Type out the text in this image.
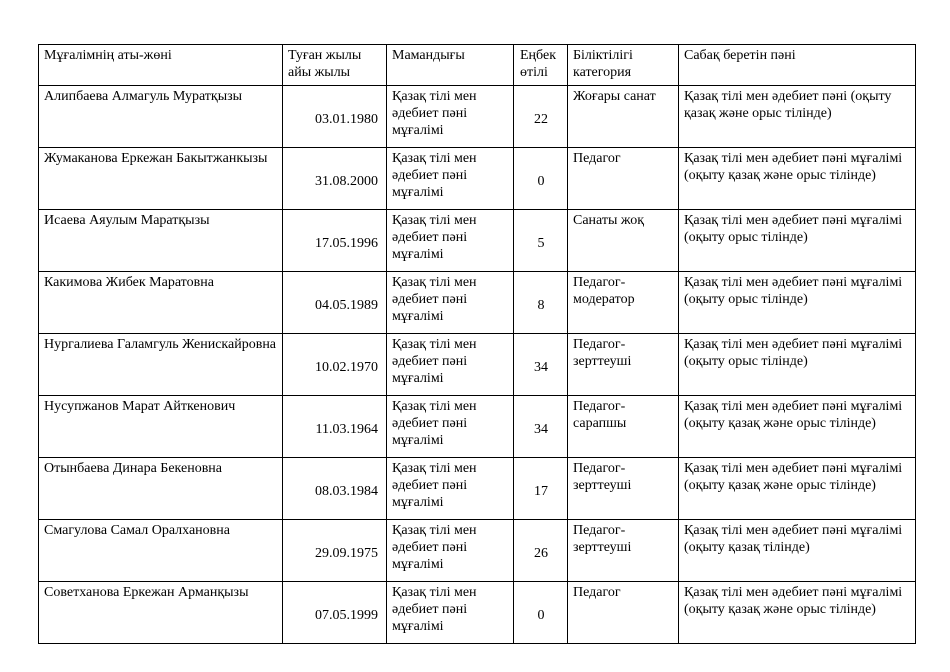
Мұғалімнің аты-жөні	Туған жылы айы жылы	Мамандығы	Еңбек өтілі	Біліктілігі категория	Сабақ беретін пәні
Алипбаева Алмагуль Муратқызы	03.01.1980	Қазақ тілі мен әдебиет пәні мұғалімі	22	Жоғары санат	Қазақ тілі мен әдебиет пәні (оқыту қазақ және орыс тілінде)
Жумаканова Еркежан Бакытжанкызы	31.08.2000	Қазақ тілі мен әдебиет пәні мұғалімі	0	Педагог	Қазақ тілі мен әдебиет пәні мұғалімі (оқыту қазақ және орыс тілінде)
Исаева Аяулым Маратқызы	17.05.1996	Қазақ тілі мен әдебиет пәні мұғалімі	5	Санаты жоқ	Қазақ тілі мен әдебиет пәні мұғалімі (оқыту орыс тілінде)
Какимова Жибек Маратовна	04.05.1989	Қазақ тілі мен әдебиет пәні мұғалімі	8	Педагог-модератор	Қазақ тілі мен әдебиет пәні мұғалімі (оқыту орыс тілінде)
Нургалиева Галамгуль Женискайровна	10.02.1970	Қазақ тілі мен әдебиет пәні мұғалімі	34	Педагог-зерттеуші	Қазақ тілі мен әдебиет пәні мұғалімі (оқыту орыс тілінде)
Нусупжанов Марат Айткенович	11.03.1964	Қазақ тілі мен әдебиет пәні мұғалімі	34	Педагог-сарапшы	Қазақ тілі мен әдебиет пәні мұғалімі (оқыту қазақ және орыс тілінде)
Отынбаева Динара Бекеновна	08.03.1984	Қазақ тілі мен әдебиет пәні мұғалімі	17	Педагог-зерттеуші	Қазақ тілі мен әдебиет пәні мұғалімі (оқыту қазақ және орыс тілінде)
Смагулова Самал Оралхановна	29.09.1975	Қазақ тілі мен әдебиет пәні мұғалімі	26	Педагог-зерттеуші	Қазақ тілі мен әдебиет пәні мұғалімі (оқыту қазақ тілінде)
Советханова Еркежан Арманқызы	07.05.1999	Қазақ тілі мен әдебиет пәні мұғалімі	0	Педагог	Қазақ тілі мен әдебиет пәні мұғалімі (оқыту қазақ және орыс тілінде)
